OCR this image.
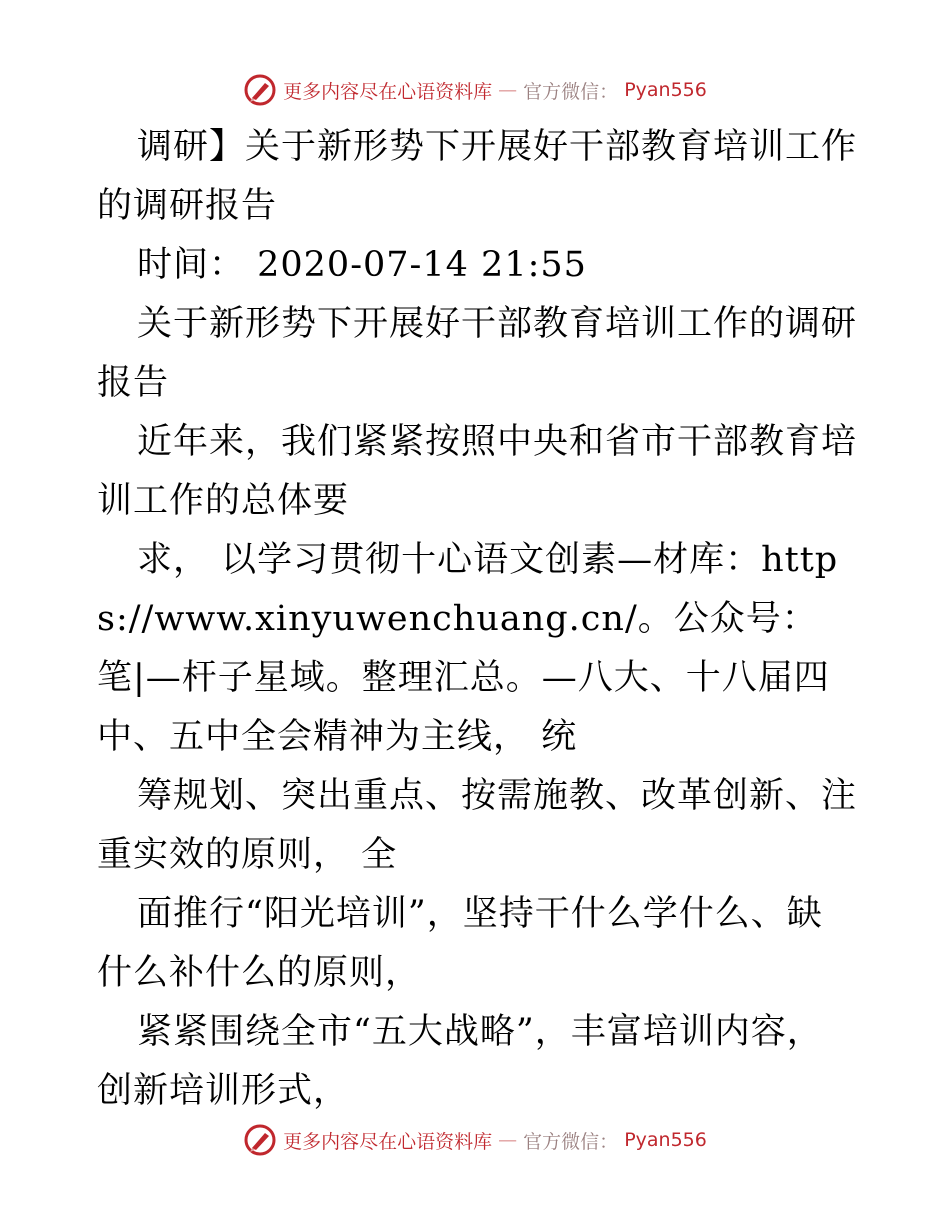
更多内容尽在心语资料库 — 官方微信： Pyan556

调研】关于新形势下开展好干部教育培训工作的调研报告

时间： 2020-07-14 21:55

关于新形势下开展好干部教育培训工作的调研报告

近年来，我们紧紧按照中央和省市干部教育培训工作的总体要

求， 以学习贯彻十心语文创素—材库：https://www.xinyuwenchuang.cn/。公众号：笔|—杆子星域。整理汇总。—八大、十八届四中、五中全会精神为主线， 统

筹规划、突出重点、按需施教、改革创新、注重实效的原则， 全

面推行“阳光培训”，坚持干什么学什么、缺什么补什么的原则，

紧紧围绕全市“五大战略”，丰富培训内容，创新培训形式，

更多内容尽在心语资料库 — 官方微信： Pyan556
